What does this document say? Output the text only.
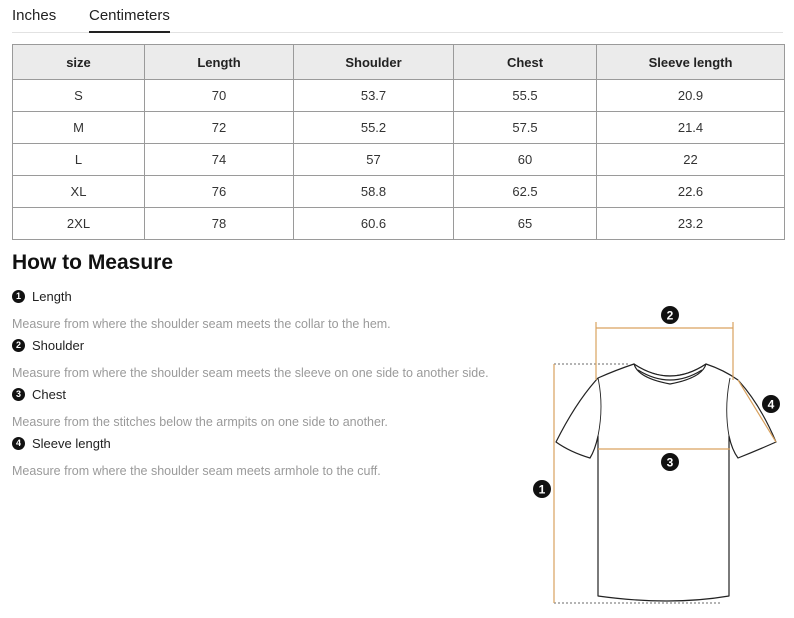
Inches Centimeters
size	Length	Shoulder	Chest	Sleeve length
S	70	53.7	55.5	20.9
M	72	55.2	57.5	21.4
L	74	57	60	22
XL	76	58.8	62.5	22.6
2XL	78	60.6	65	23.2
How to Measure
1 Length
Measure from where the shoulder seam meets the collar to the hem.
2 Shoulder
Measure from where the shoulder seam meets the sleeve on one side to another side.
3 Chest
Measure from the stitches below the armpits on one side to another.
4 Sleeve length
Measure from where the shoulder seam meets armhole to the cuff.
1
2
3
4
